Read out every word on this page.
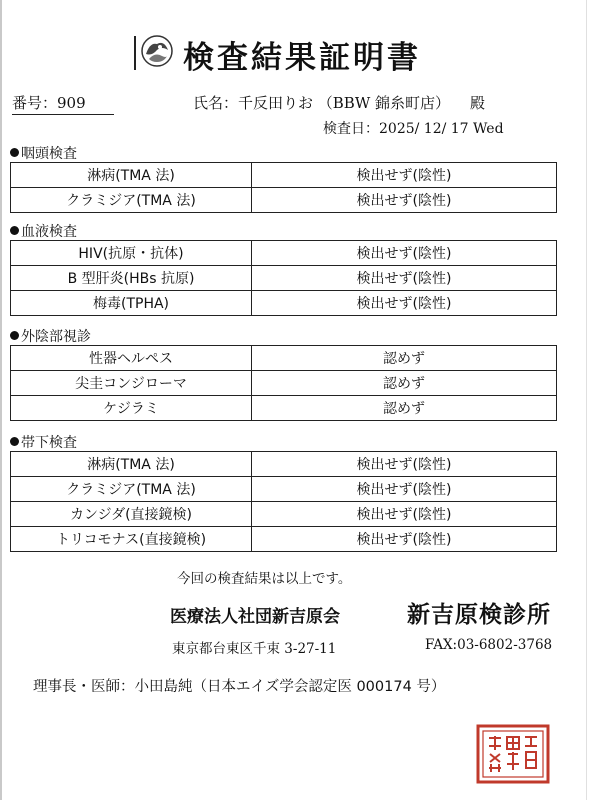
検査結果証明書
番号：909	氏名：千反田りお （BBW 錦糸町店） 殿
検査日：2025/ 12/ 17 Wed
咽頭検査
淋病(TMA 法)	検出せず(陰性)
クラミジア(TMA 法)	検出せず(陰性)
血液検査
HIV(抗原・抗体)	検出せず(陰性)
B 型肝炎(HBs 抗原)	検出せず(陰性)
梅毒(TPHA)	検出せず(陰性)
外陰部視診
性器ヘルペス	認めず
尖圭コンジローマ	認めず
ケジラミ	認めず
帯下検査
淋病(TMA 法)	検出せず(陰性)
クラミジア(TMA 法)	検出せず(陰性)
カンジダ(直接鏡検)	検出せず(陰性)
トリコモナス(直接鏡検)	検出せず(陰性)
今回の検査結果は以上です。
医療法人社団新吉原会	新吉原検診所
東京都台東区千束 3-27-11	FAX:03-6802-3768
理事長・医師：小田島純（日本エイズ学会認定医 000174 号）
